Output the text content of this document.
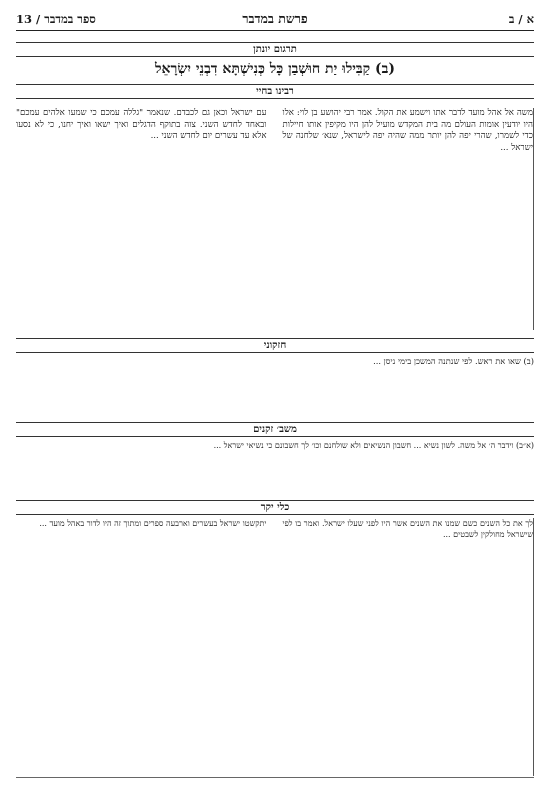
א / ב
פרשת במדבר
ספר במדבר / 13
תרגום יונתן
(ב) קַבִּילוּ יַת חוּשְׁבַן כָּל כְּנִישְׁתָּא דִבְנֵי יִשְׂרָאֵל
רבינו בחיי

משה אל אהל מועד לדבר אתו וישמע את הקול. אמר רבי יהושע בן לוי: אלו היו יודעין אומות העולם מה בית המקדש מועיל להן היו מקיפין אותו חיילות כדי לשמרו, שהרי יפה להן יותר ממה שהיה יפה לישראל, שנא׳ שלחנה של ישראל ...

עם ישראל וכאן גם לכבדם. שנאמר "גללה עמכם כי שמעו אלהים עמכם" ובאחד לחדש השני. צוה בתוקף הדגלים ואיך ישאו ואיך יחנו, כי לא נסעו אלא עד עשרים יום לחדש השני ...

חזקוני

(ב) שאו את ראש. לפי שנתנה המשכן בימי ניסן ...

משב׳ זקנים

(א״ב) וידבר ה׳ אל משה. לשון נשיא ... חשבון הנשיאים ולא שולחנם וכו׳ לך חשבונם כי נשיאי ישראל ...

כלי יקר

לך את כל השנים כשם שמנו את השנים אשר היו לפני שעלו ישראל. ואמר בו לפי שישראל מחולקין לשבטים ...

יתקשטו ישראל בעשרים וארבעה ספרים ומתוך זה היו לדור באהל מועד ...
